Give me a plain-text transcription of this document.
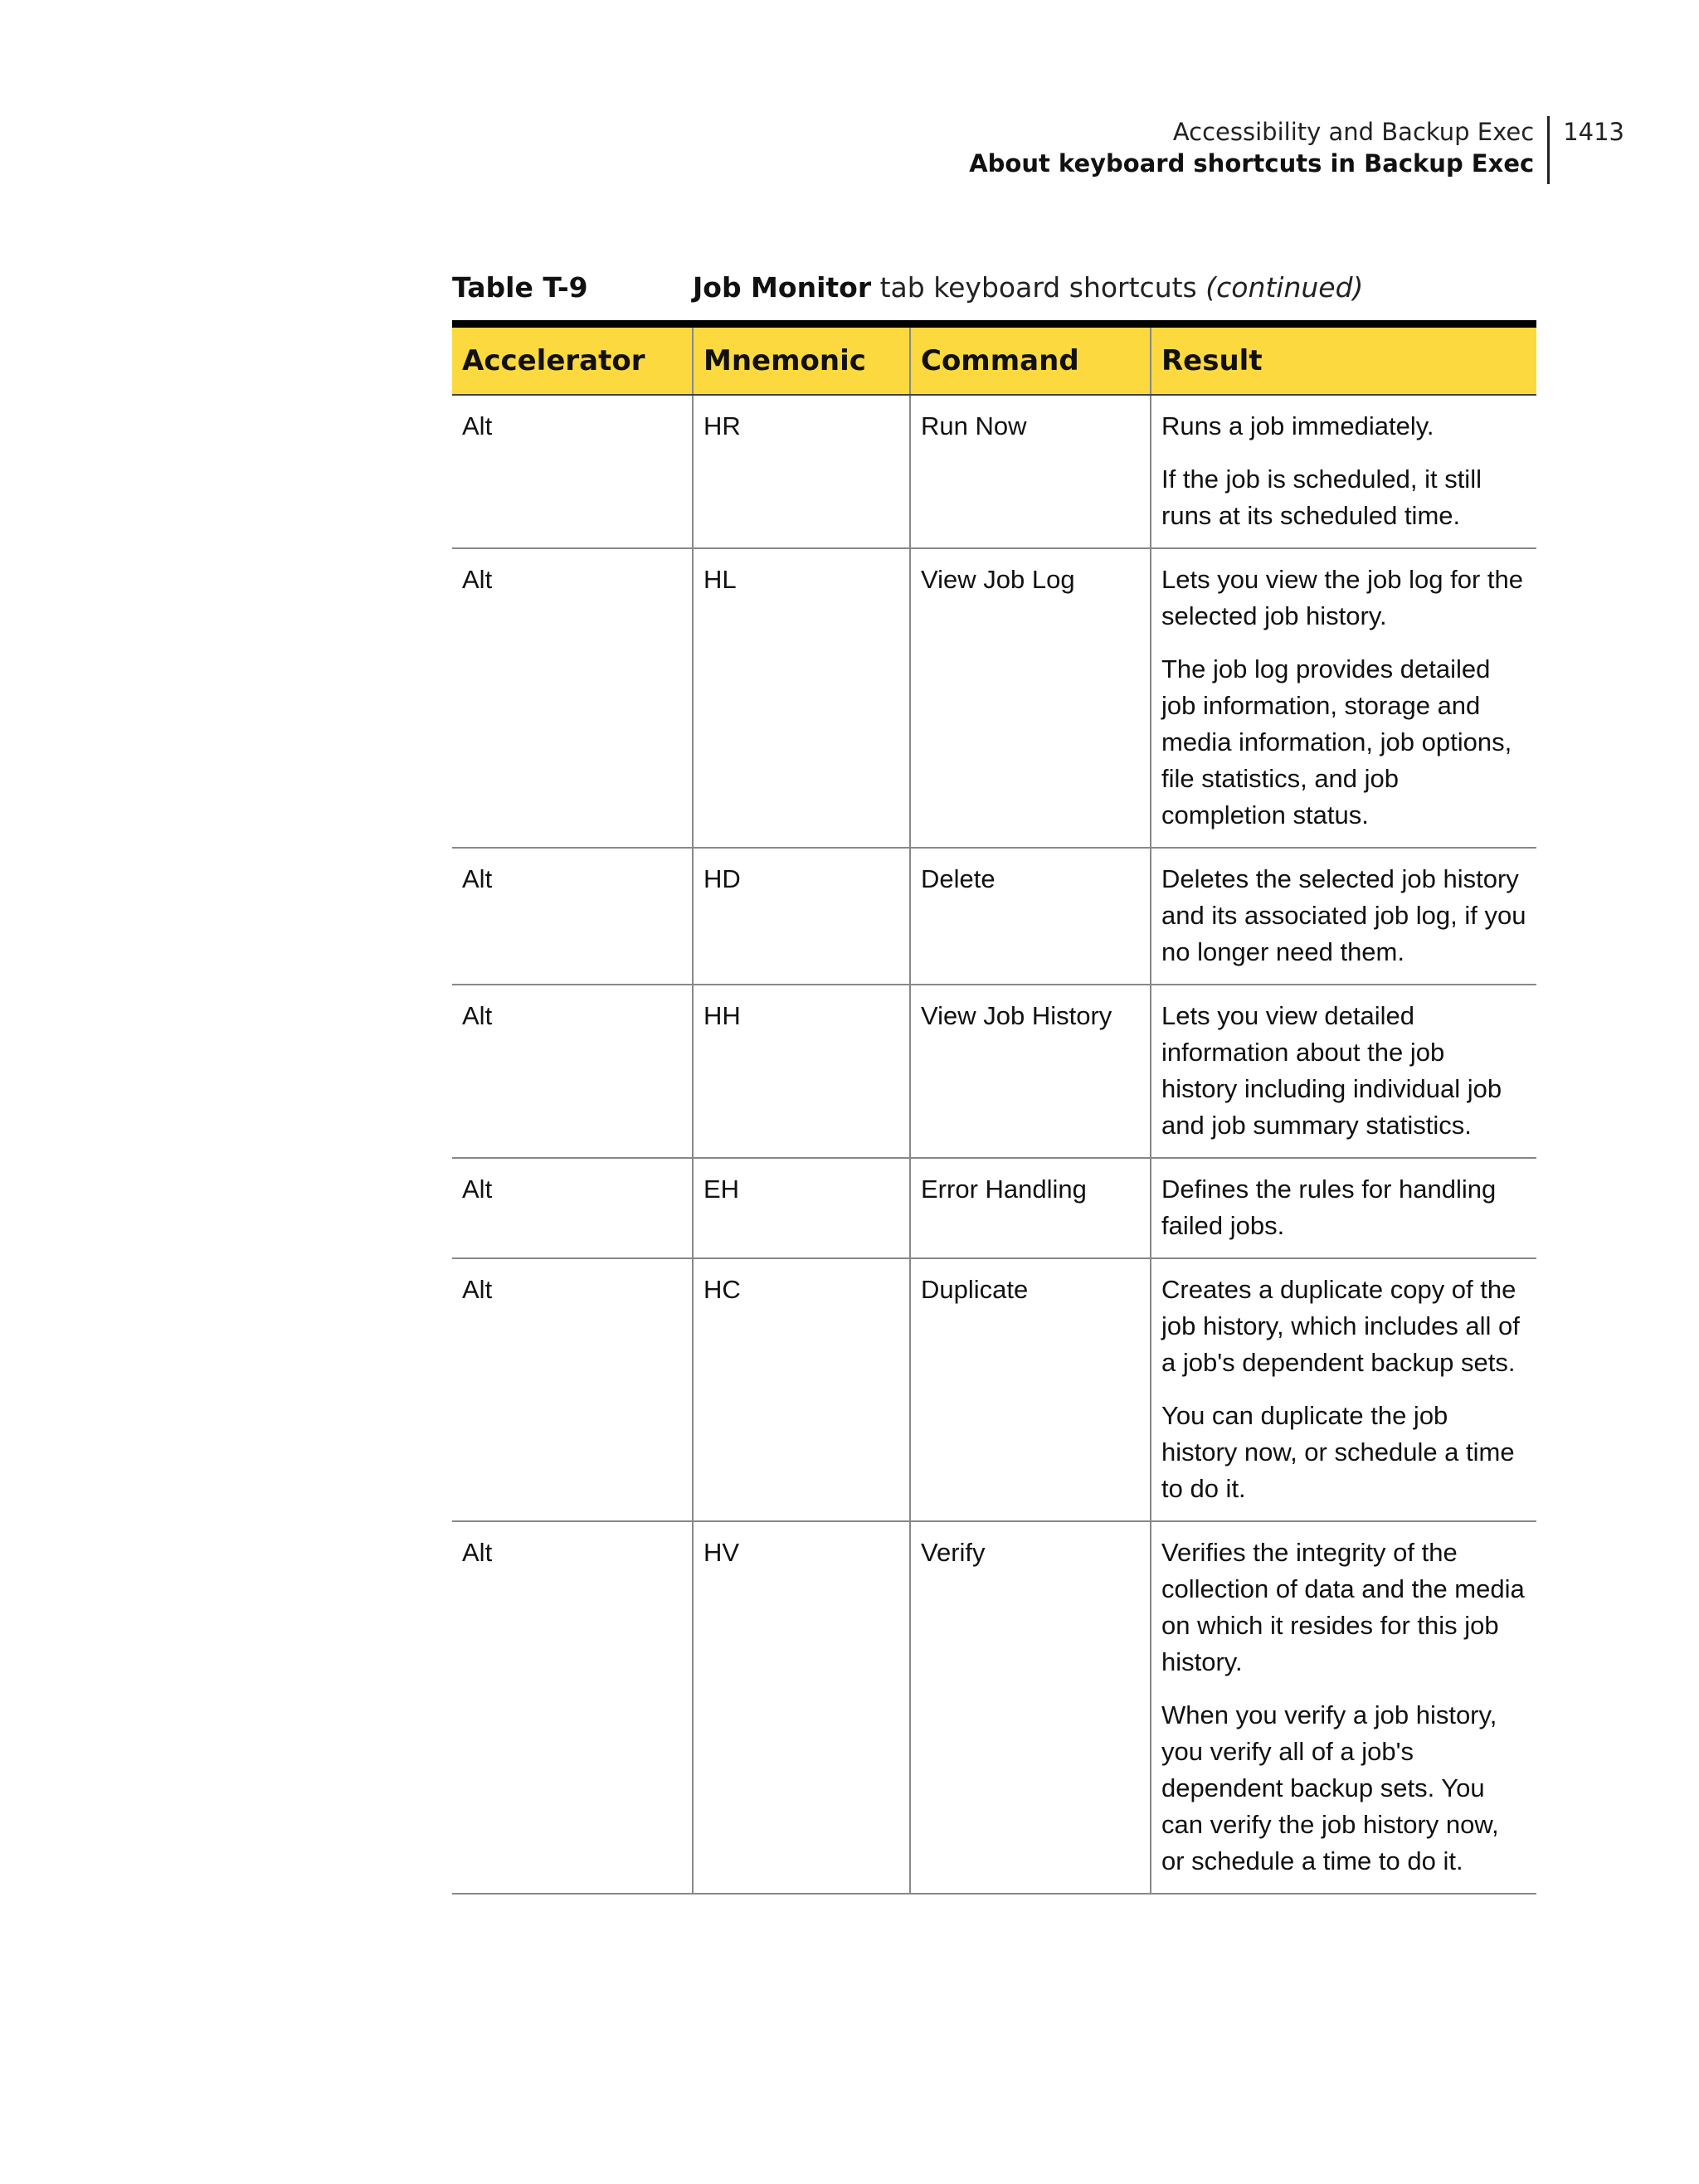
Accessibility and Backup Exec
About keyboard shortcuts in Backup Exec
1413
Table T-9	Job Monitor tab keyboard shortcuts (continued)
Accelerator	Mnemonic	Command	Result
Alt	HR	Run Now	Runs a job immediately.

If the job is scheduled, it still runs at its scheduled time.

Alt	HL	View Job Log	Lets you view the job log for the selected job history.

The job log provides detailed job information, storage and media information, job options, file statistics, and job completion status.

Alt	HD	Delete	Deletes the selected job history and its associated job log, if you no longer need them.

Alt	HH	View Job History	Lets you view detailed information about the job history including individual job and job summary statistics.

Alt	EH	Error Handling	Defines the rules for handling failed jobs.

Alt	HC	Duplicate	Creates a duplicate copy of the job history, which includes all of a job's dependent backup sets.

You can duplicate the job history now, or schedule a time to do it.

Alt	HV	Verify	Verifies the integrity of the collection of data and the media on which it resides for this job history.

When you verify a job history, you verify all of a job's dependent backup sets. You can verify the job history now, or schedule a time to do it.
